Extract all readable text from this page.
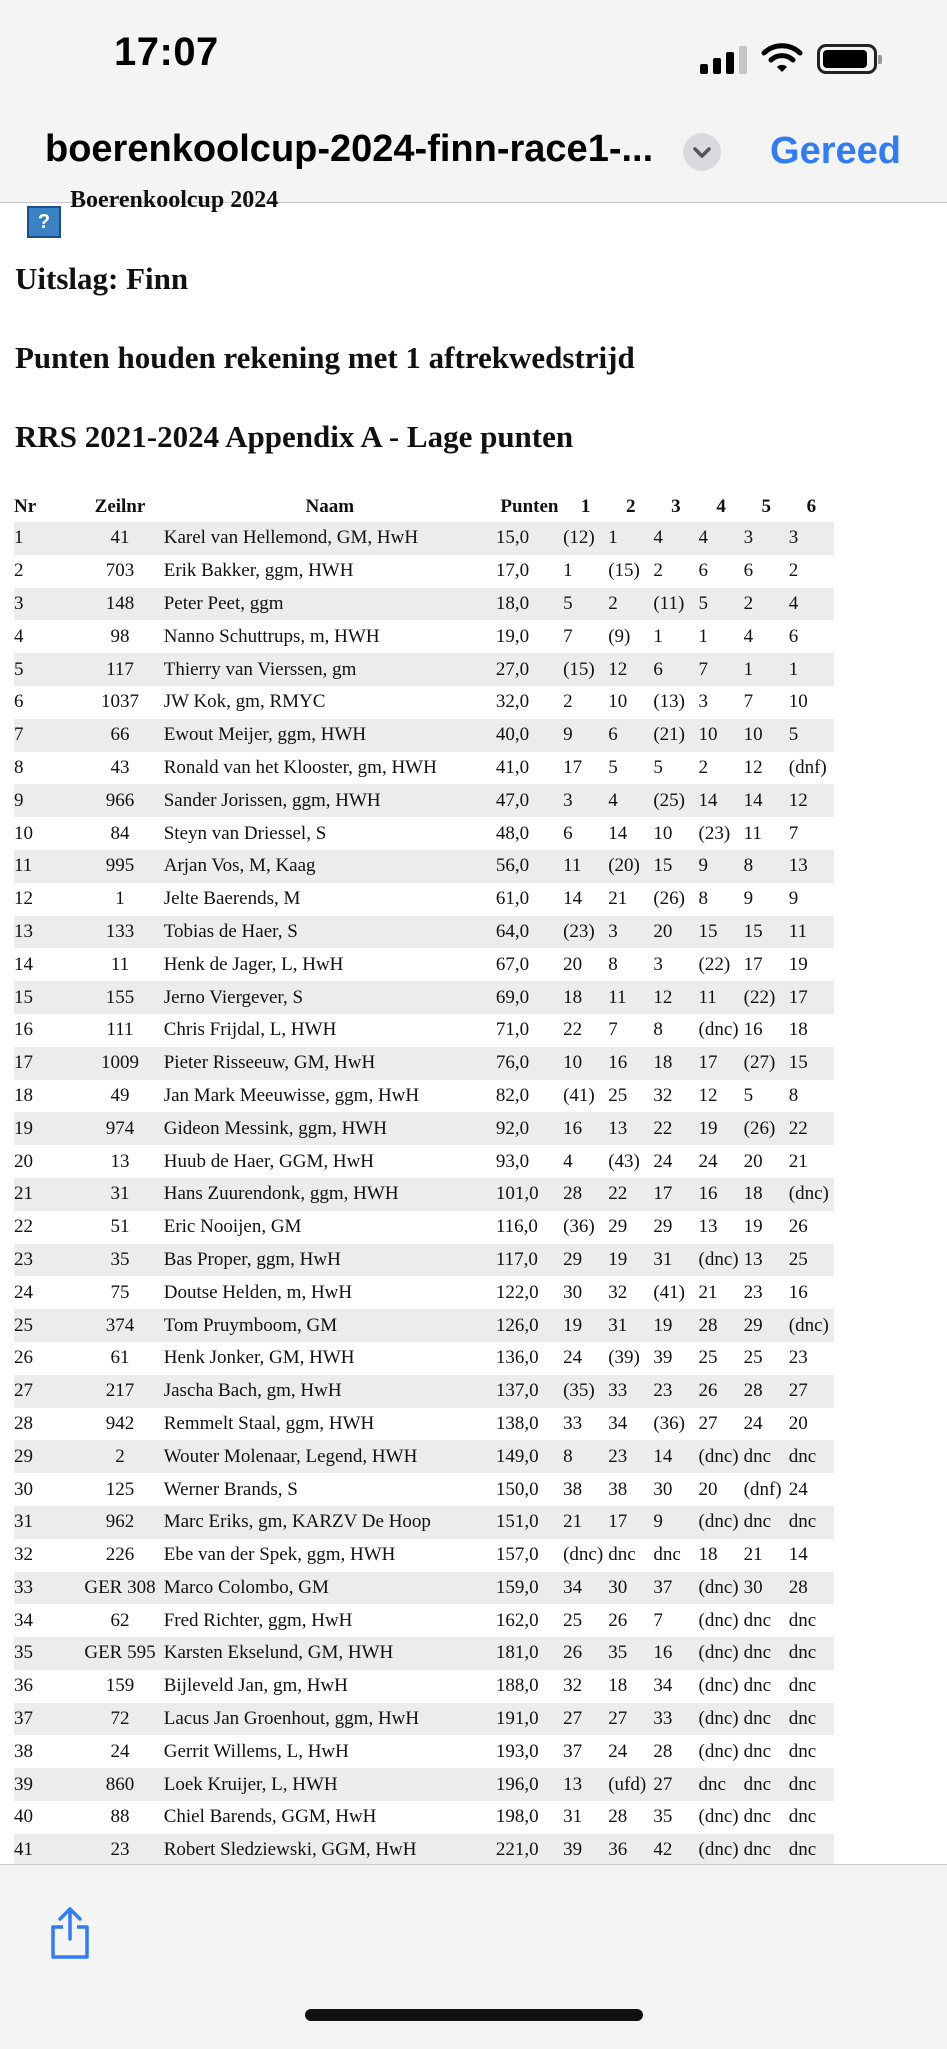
17:07
boerenkoolcup-2024-finn-race1-...	Gereed
?
Boerenkoolcup 2024
Uitslag: Finn
Punten houden rekening met 1 aftrekwedstrijd
RRS 2021-2024 Appendix A - Lage punten
Nr	Zeilnr	Naam	Punten	1	2	3	4	5	6
1	41	Karel van Hellemond, GM, HwH	15,0	(12)	1	4	4	3	3
2	703	Erik Bakker, ggm, HWH	17,0	1	(15)	2	6	6	2
3	148	Peter Peet, ggm	18,0	5	2	(11)	5	2	4
4	98	Nanno Schuttrups, m, HWH	19,0	7	(9)	1	1	4	6
5	117	Thierry van Vierssen, gm	27,0	(15)	12	6	7	1	1
6	1037	JW Kok, gm, RMYC	32,0	2	10	(13)	3	7	10
7	66	Ewout Meijer, ggm, HWH	40,0	9	6	(21)	10	10	5
8	43	Ronald van het Klooster, gm, HWH	41,0	17	5	5	2	12	(dnf)
9	966	Sander Jorissen, ggm, HWH	47,0	3	4	(25)	14	14	12
10	84	Steyn van Driessel, S	48,0	6	14	10	(23)	11	7
11	995	Arjan Vos, M, Kaag	56,0	11	(20)	15	9	8	13
12	1	Jelte Baerends, M	61,0	14	21	(26)	8	9	9
13	133	Tobias de Haer, S	64,0	(23)	3	20	15	15	11
14	11	Henk de Jager, L, HwH	67,0	20	8	3	(22)	17	19
15	155	Jerno Viergever, S	69,0	18	11	12	11	(22)	17
16	111	Chris Frijdal, L, HWH	71,0	22	7	8	(dnc)	16	18
17	1009	Pieter Risseeuw, GM, HwH	76,0	10	16	18	17	(27)	15
18	49	Jan Mark Meeuwisse, ggm, HwH	82,0	(41)	25	32	12	5	8
19	974	Gideon Messink, ggm, HWH	92,0	16	13	22	19	(26)	22
20	13	Huub de Haer, GGM, HwH	93,0	4	(43)	24	24	20	21
21	31	Hans Zuurendonk, ggm, HWH	101,0	28	22	17	16	18	(dnc)
22	51	Eric Nooijen, GM	116,0	(36)	29	29	13	19	26
23	35	Bas Proper, ggm, HwH	117,0	29	19	31	(dnc)	13	25
24	75	Doutse Helden, m, HwH	122,0	30	32	(41)	21	23	16
25	374	Tom Pruymboom, GM	126,0	19	31	19	28	29	(dnc)
26	61	Henk Jonker, GM, HWH	136,0	24	(39)	39	25	25	23
27	217	Jascha Bach, gm, HwH	137,0	(35)	33	23	26	28	27
28	942	Remmelt Staal, ggm, HWH	138,0	33	34	(36)	27	24	20
29	2	Wouter Molenaar, Legend, HWH	149,0	8	23	14	(dnc)	dnc	dnc
30	125	Werner Brands, S	150,0	38	38	30	20	(dnf)	24
31	962	Marc Eriks, gm, KARZV De Hoop	151,0	21	17	9	(dnc)	dnc	dnc
32	226	Ebe van der Spek, ggm, HWH	157,0	(dnc)	dnc	dnc	18	21	14
33	GER 308	Marco Colombo, GM	159,0	34	30	37	(dnc)	30	28
34	62	Fred Richter, ggm, HwH	162,0	25	26	7	(dnc)	dnc	dnc
35	GER 595	Karsten Ekselund, GM, HWH	181,0	26	35	16	(dnc)	dnc	dnc
36	159	Bijleveld Jan, gm, HwH	188,0	32	18	34	(dnc)	dnc	dnc
37	72	Lacus Jan Groenhout, ggm, HwH	191,0	27	27	33	(dnc)	dnc	dnc
38	24	Gerrit Willems, L, HwH	193,0	37	24	28	(dnc)	dnc	dnc
39	860	Loek Kruijer, L, HWH	196,0	13	(ufd)	27	dnc	dnc	dnc
40	88	Chiel Barends, GGM, HwH	198,0	31	28	35	(dnc)	dnc	dnc
41	23	Robert Sledziewski, GGM, HwH	221,0	39	36	42	(dnc)	dnc	dnc
